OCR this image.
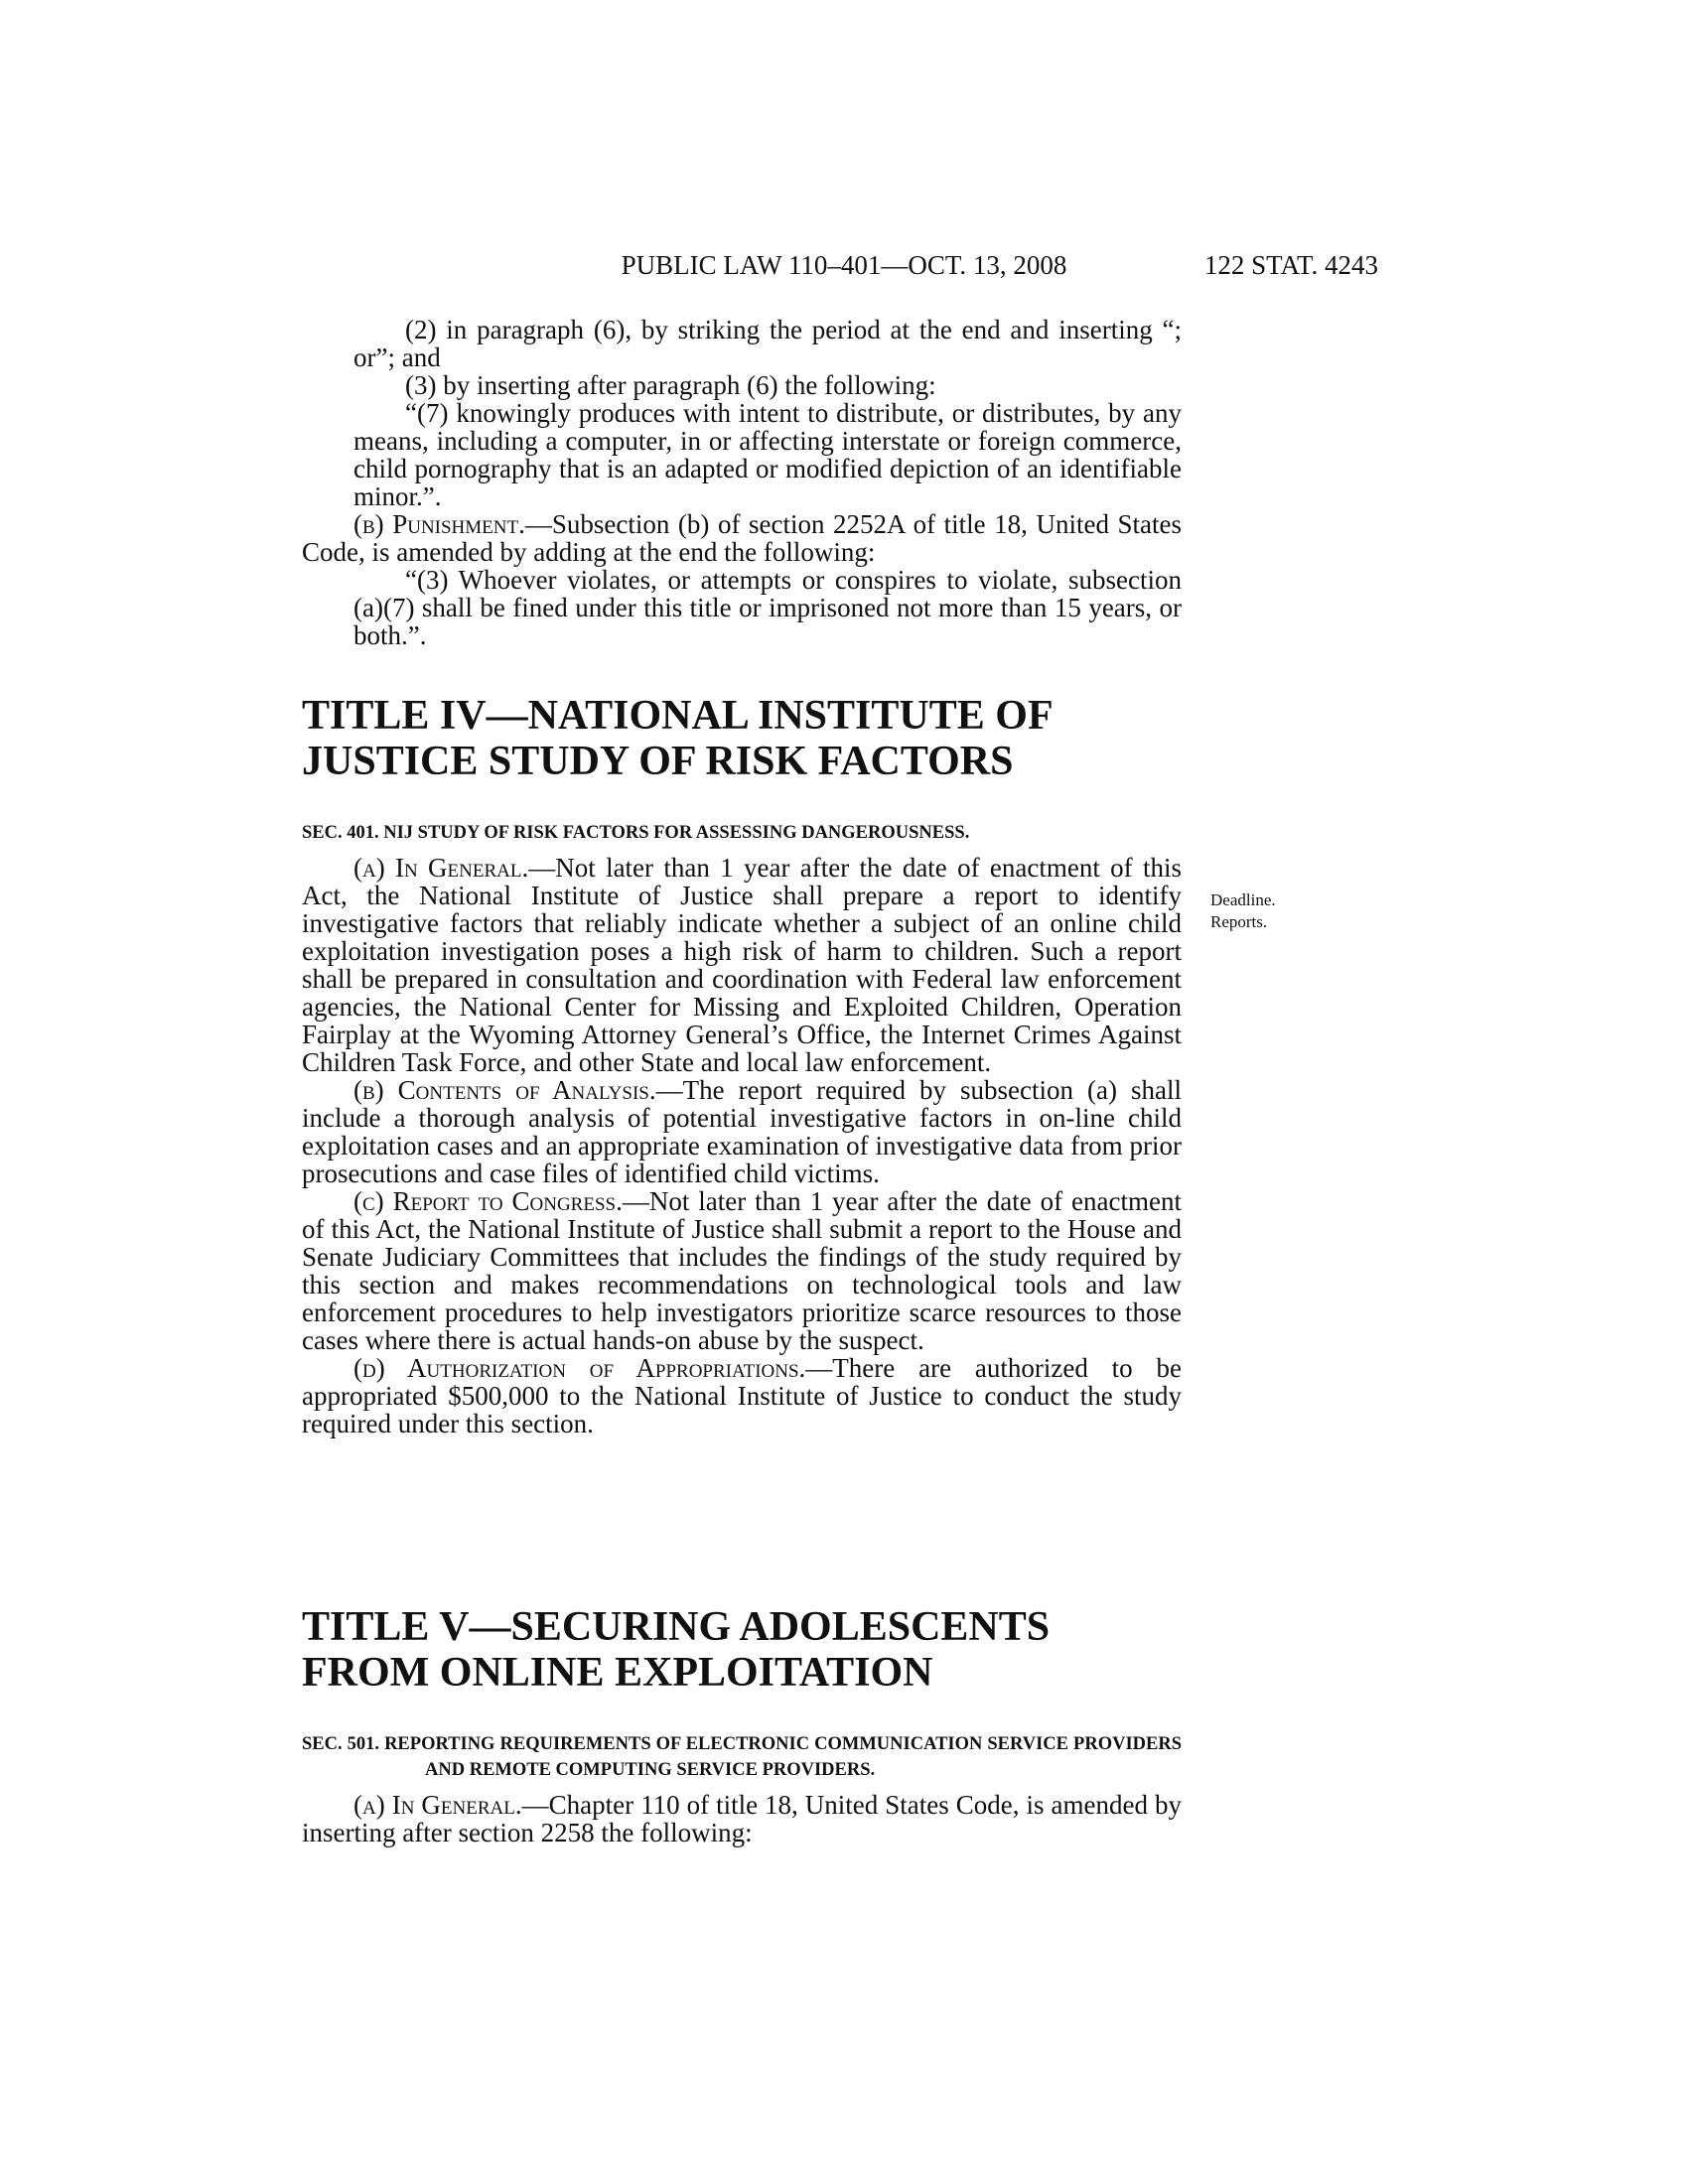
PUBLIC LAW 110–401—OCT. 13, 2008	122 STAT. 4243

(2) in paragraph (6), by striking the period at the end and inserting “; or”; and

(3) by inserting after paragraph (6) the following:

“(7) knowingly produces with intent to distribute, or distributes, by any means, including a computer, in or affecting interstate or foreign commerce, child pornography that is an adapted or modified depiction of an identifiable minor.”.

(b) Punishment.—Subsection (b) of section 2252A of title 18, United States Code, is amended by adding at the end the following:

“(3) Whoever violates, or attempts or conspires to violate, subsection (a)(7) shall be fined under this title or imprisoned not more than 15 years, or both.”.

TITLE IV—NATIONAL INSTITUTE OF

JUSTICE STUDY OF RISK FACTORS

SEC. 401. NIJ STUDY OF RISK FACTORS FOR ASSESSING DANGEROUSNESS.

(a) In General.—Not later than 1 year after the date of enactment of this Act, the National Institute of Justice shall prepare a report to identify investigative factors that reliably indicate whether a subject of an online child exploitation investigation poses a high risk of harm to children. Such a report shall be prepared in consultation and coordination with Federal law enforcement agencies, the National Center for Missing and Exploited Children, Operation Fairplay at the Wyoming Attorney General’s Office, the Internet Crimes Against Children Task Force, and other State and local law enforcement.

(b) Contents of Analysis.—The report required by subsection (a) shall include a thorough analysis of potential investigative factors in on-line child exploitation cases and an appropriate examination of investigative data from prior prosecutions and case files of identified child victims.

(c) Report to Congress.—Not later than 1 year after the date of enactment of this Act, the National Institute of Justice shall submit a report to the House and Senate Judiciary Committees that includes the findings of the study required by this section and makes recommendations on technological tools and law enforcement procedures to help investigators prioritize scarce resources to those cases where there is actual hands-on abuse by the suspect.

(d) Authorization of Appropriations.—There are authorized to be appropriated $500,000 to the National Institute of Justice to conduct the study required under this section.

Deadline.
Reports.

TITLE V—SECURING ADOLESCENTS

FROM ONLINE EXPLOITATION

SEC. 501. REPORTING REQUIREMENTS OF ELECTRONIC COMMUNICATION SERVICE PROVIDERS AND REMOTE COMPUTING SERVICE PROVIDERS.

(a) In General.—Chapter 110 of title 18, United States Code, is amended by inserting after section 2258 the following:
